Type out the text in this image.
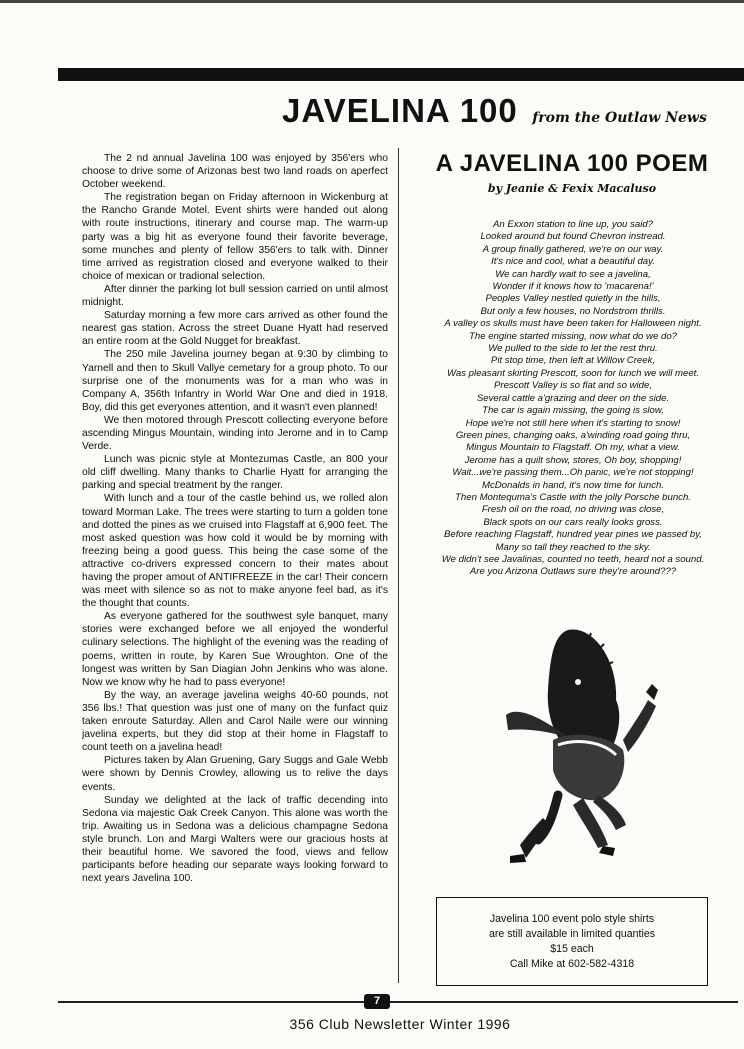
JAVELINA 100 from the Outlaw News

The 2 nd annual Javelina 100 was enjoyed by 356'ers who choose to drive some of Arizonas best two land roads on aperfect October weekend.

The registration began on Friday afternoon in Wickenburg at the Rancho Grande Motel. Event shirts were handed out along with route instructions, itinerary and course map. The warm-up party was a big hit as everyone found their favorite beverage, some munches and plenty of fellow 356'ers to talk with. Dinner time arrived as registration closed and everyone walked to their choice of mexican or tradional selection.

After dinner the parking lot bull session carried on until almost midnight.

Saturday morning a few more cars arrived as other found the nearest gas station. Across the street Duane Hyatt had reserved an entire room at the Gold Nugget for breakfast.

The 250 mile Javelina journey began at 9:30 by climbing to Yarnell and then to Skull Vallye cemetary for a group photo. To our surprise one of the monuments was for a man who was in Company A, 356th Infantry in World War One and died in 1918. Boy, did this get everyones attention, and it wasn't even planned!

We then motored through Prescott collecting everyone before ascending Mingus Mountain, winding into Jerome and in to Camp Verde.

Lunch was picnic style at Montezumas Castle, an 800 your old cliff dwelling. Many thanks to Charlie Hyatt for arranging the parking and special treatment by the ranger.

With lunch and a tour of the castle behind us, we rolled alon toward Morman Lake. The trees were starting to turn a golden tone and dotted the pines as we cruised into Flagstaff at 6,900 feet. The most asked question was how cold it would be by morning with freezing being a good guess. This being the case some of the attractive co-drivers expressed concern to their mates about having the proper amout of ANTIFREEZE in the car! Their concern was meet with silence so as not to make anyone feel bad, as it's the thought that counts.

As everyone gathered for the southwest syle banquet, many stories were exchanged before we all enjoyed the wonderful culinary selections. The highlight of the evening was the reading of poems, written in route, by Karen Sue Wroughton. One of the longest was written by San Diagian John Jenkins who was alone. Now we know why he had to pass everyone!

By the way, an average javelina weighs 40-60 pounds, not 356 lbs.! That question was just one of many on the funfact quiz taken enroute Saturday. Allen and Carol Naile were our winning javelina experts, but they did stop at their home in Flagstaff to count teeth on a javelina head!

Pictures taken by Alan Gruening, Gary Suggs and Gale Webb were shown by Dennis Crowley, allowing us to relive the days events.

Sunday we delighted at the lack of traffic decending into Sedona via majestic Oak Creek Canyon. This alone was worth the trip. Awaiting us in Sedona was a delicious champagne Sedona style brunch. Lon and Margi Walters were our gracious hosts at their beautiful home. We savored the food, views and fellow participants before heading our separate ways looking forward to next years Javelina 100.

A JAVELINA 100 POEM
by Jeanie & Fexix Macaluso
An Exxon station to line up, you said?
Looked around but found Chevron instread.
A group finally gathered, we're on our way.
It's nice and cool, what a beautiful day.
We can hardly wait to see a javelina,
Wonder if it knows how to 'macarena!'
Peoples Valley nestled quietly in the hills,
But only a few houses, no Nordstrom thrills.
A valley os skulls must have been taken for Halloween night.
The engine started missing, now what do we do?
We pulled to the side to let the rest thru.
Pit stop time, then left at Willow Creek,
Was pleasant skirting Prescott, soon for lunch we will meet.
Prescott Valley is so flat and so wide,
Several cattle a'grazing and deer on the side.
The car is again missing, the going is slow,
Hope we're not still here when it's starting to snow!
Green pines, changing oaks, a'winding road going thru,
Mingus Mountain to Flagstaff. Oh my, what a view.
Jerome has a quilt show, stores, Oh boy, shopping!
Wait...we're passing them...Oh panic, we're not stopping!
McDonalds in hand, it's now time for lunch.
Then Montequma's Castle with the jolly Porsche bunch.
Fresh oil on the road, no driving was close,
Black spots on our cars really looks gross.
Before reaching Flagstaff, hundred year pines we passed by,
Many so tall they reached to the sky.
We didn't see Javalinas, counted no teeth, heard not a sound.
Are you Arizona Outlaws sure they're around???
Javelina 100 event polo style shirts
are still available in limited quanties
$15 each
Call Mike at 602-582-4318
7
356 Club Newsletter Winter 1996
